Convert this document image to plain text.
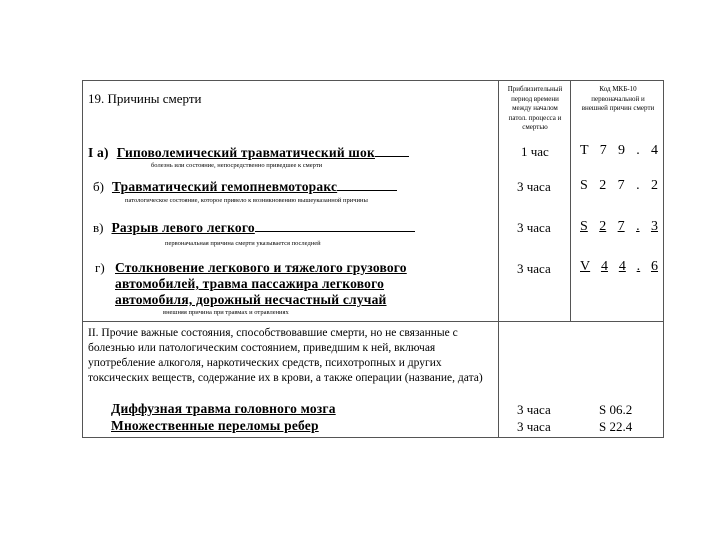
19. Причины смерти
Приблизительный период времени между началом патол. процесса и смертью
Код МКБ-10 первоначальной и внешней причин смерти
I а) Гиповолемический травматический шок
болезнь или состояние, непосредственно приведшее к смерти
1 час Т 7 9 . 4
б) Травматический гемопневмоторакс
патологическое состояние, которое привело к возникновению вышеуказанной причины
3 часа S 2 7 . 2
в) Разрыв левого легкого
первоначальная причина смерти указывается последней
3 часа S 2 7 . 3
г) Столкновение легкового и тяжелого грузового
автомобилей, травма пассажира легкового
автомобиля, дорожный несчастный случай
внешняя причина при травмах и отравлениях
3 часа V 4 4 . 6
II. Прочие важные состояния, способствовавшие смерти, но не связанные с болезнью или патологическим состоянием, приведшим к ней, включая употребление алкоголя, наркотических средств, психотропных и других токсических веществ, содержание их в крови, а также операции (название, дата)
Диффузная травма головного мозга
Множественные переломы ребер
3 часа
3 часа
S 06.2
S 22.4
